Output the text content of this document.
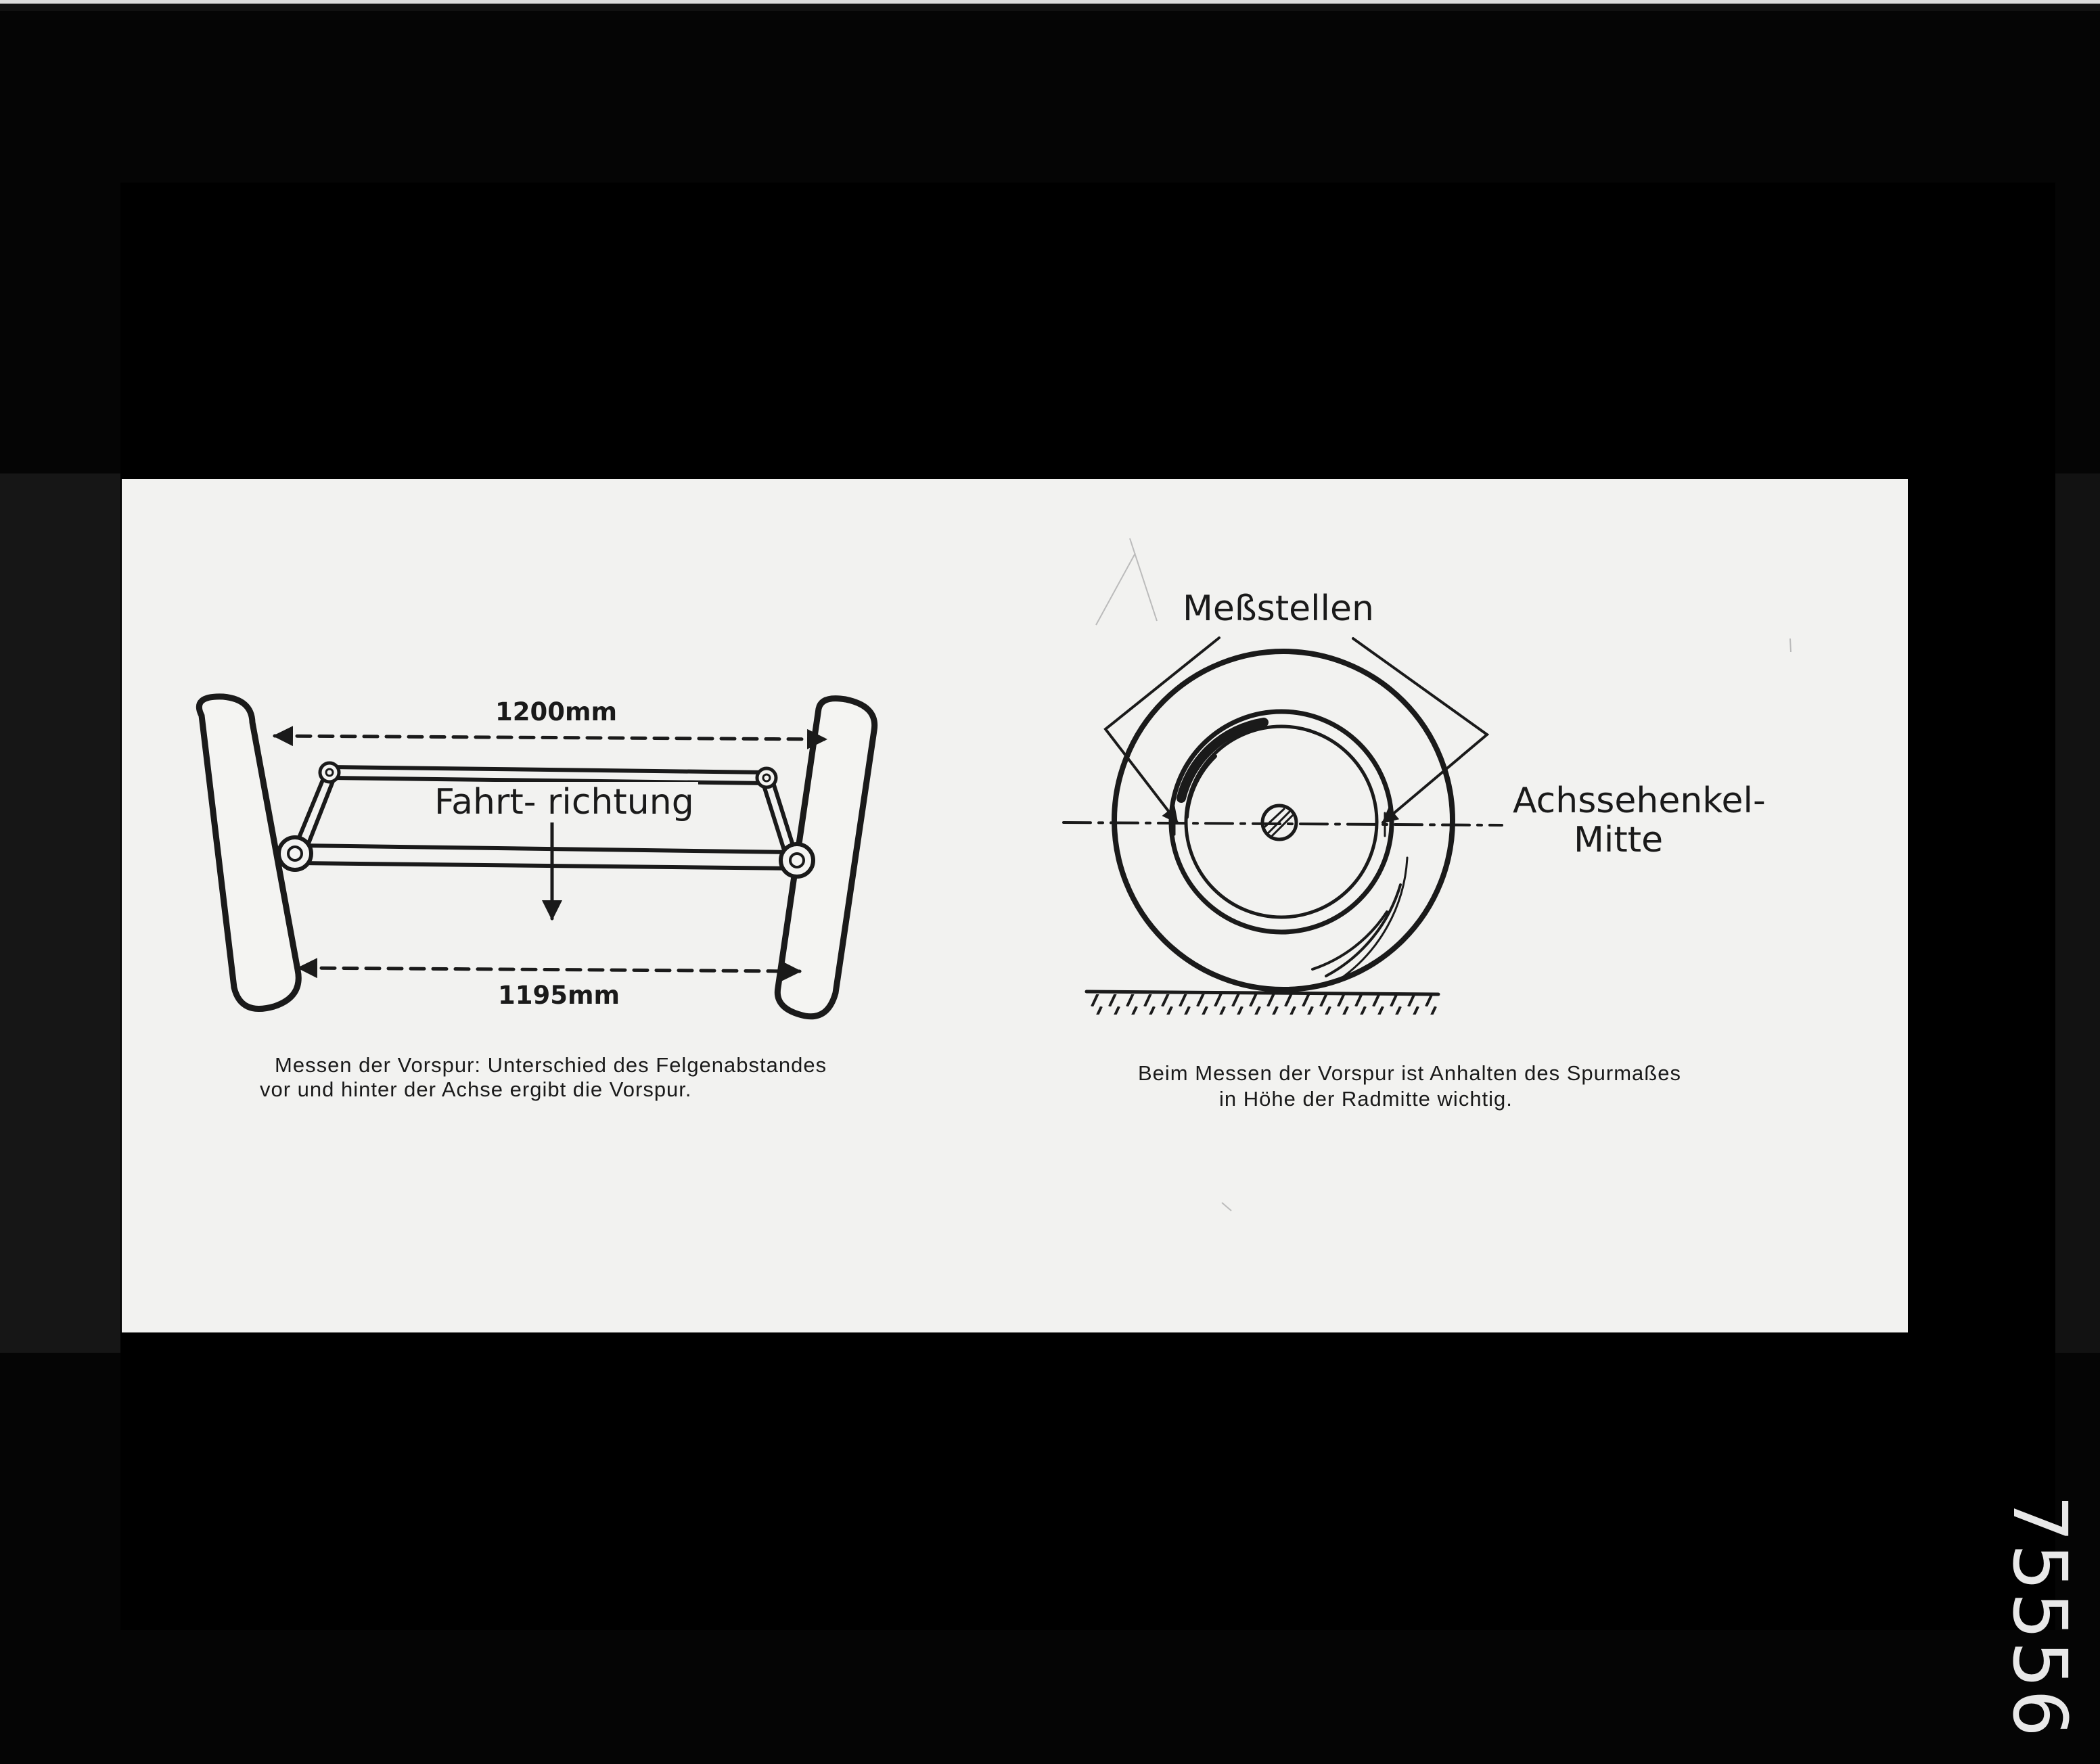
1200mm

1195mm

Fahrt- richtung

Messen der Vorspur: Unterschied des Felgenabstandes

vor und hinter der Achse ergibt die Vorspur.

Meßstellen

Achssehenkel-

Mitte

Beim Messen der Vorspur ist Anhalten des Spurmaßes

in Höhe der Radmitte wichtig.

75556
